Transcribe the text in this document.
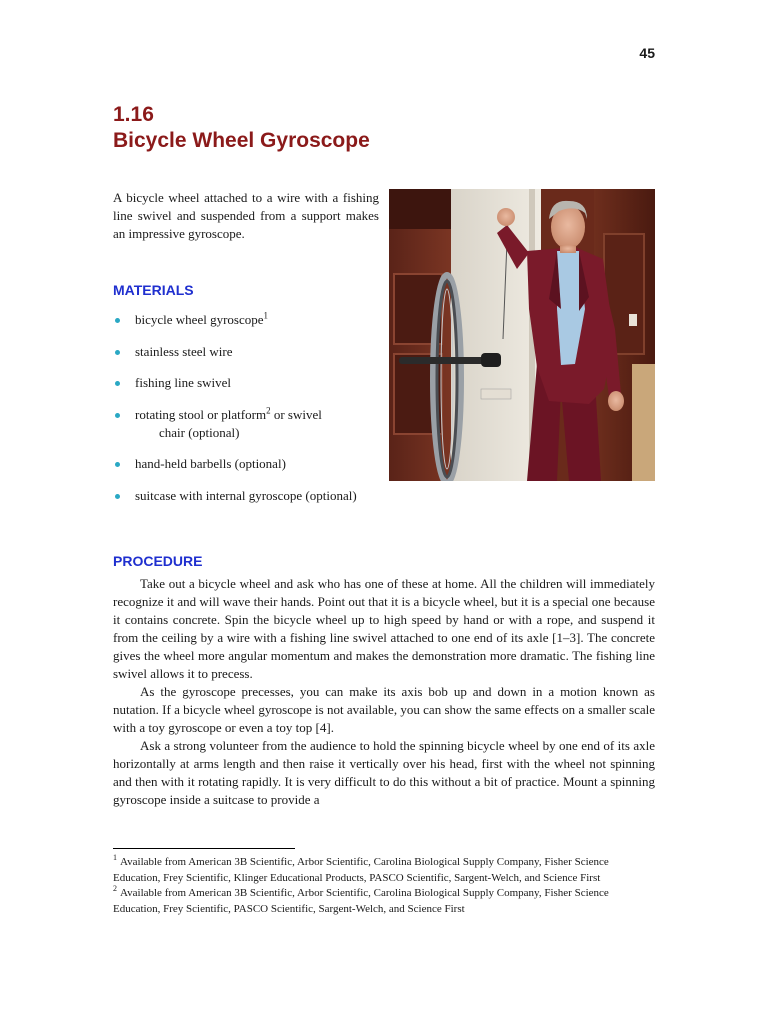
45
1.16
Bicycle Wheel Gyroscope

A bicycle wheel attached to a wire with a fishing line swivel and suspended from a support makes an impressive gyroscope.

MATERIALS
bicycle wheel gyroscope$^1$
stainless steel wire
fishing line swivel
rotating stool or platform$^2$ or swivel
chair (optional)
hand-held barbells (optional)
suitcase with internal gyroscope (optional)
PROCEDURE

Take out a bicycle wheel and ask who has one of these at home. All the children will immediately recognize it and will wave their hands. Point out that it is a bicycle wheel, but it is a special one because it contains concrete. Spin the bicycle wheel up to high speed by hand or with a rope, and suspend it from the ceiling by a wire with a fishing line swivel attached to one end of its axle [1–3]. The concrete gives the wheel more angular momentum and makes the demonstration more dramatic. The fishing line swivel allows it to precess.

As the gyroscope precesses, you can make its axis bob up and down in a motion known as nutation. If a bicycle wheel gyroscope is not available, you can show the same effects on a smaller scale with a toy gyroscope or even a toy top [4].

Ask a strong volunteer from the audience to hold the spinning bicycle wheel by one end of its axle horizontally at arms length and then raise it vertically over his head, first with the wheel not spinning and then with it rotating rapidly. It is very difficult to do this without a bit of practice. Mount a spinning gyroscope inside a suitcase to provide a

$^1$ Available from American 3B Scientific, Arbor Scientific, Carolina Biological Supply Company, Fisher Science Education, Frey Scientific, Klinger Educational Products, PASCO Scientific, Sargent-Welch, and Science First

$^2$ Available from American 3B Scientific, Arbor Scientific, Carolina Biological Supply Company, Fisher Science Education, Frey Scientific, PASCO Scientific, Sargent-Welch, and Science First
